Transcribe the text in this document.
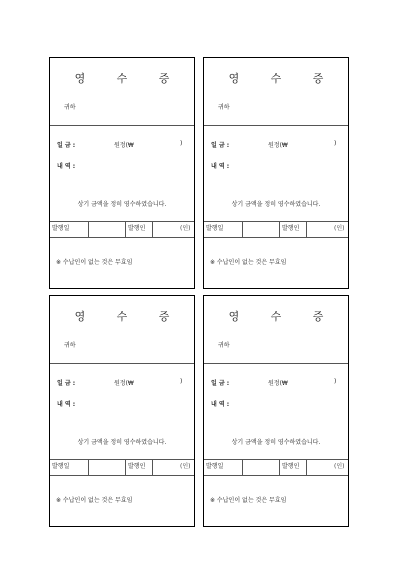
영 수 증
귀하
일 금 :	원정(₩	)
내 역 :
상기 금액을 정히 영수하였습니다.
발행일	발행인	(인)
※ 수납인이 없는 것은 무효임
영 수 증
귀하
일 금 :	원정(₩	)
내 역 :
상기 금액을 정히 영수하였습니다.
발행일	발행인	(인)
※ 수납인이 없는 것은 무효임
영 수 증
귀하
일 금 :	원정(₩	)
내 역 :
상기 금액을 정히 영수하였습니다.
발행일	발행인	(인)
※ 수납인이 없는 것은 무효임
영 수 증
귀하
일 금 :	원정(₩	)
내 역 :
상기 금액을 정히 영수하였습니다.
발행일	발행인	(인)
※ 수납인이 없는 것은 무효임
